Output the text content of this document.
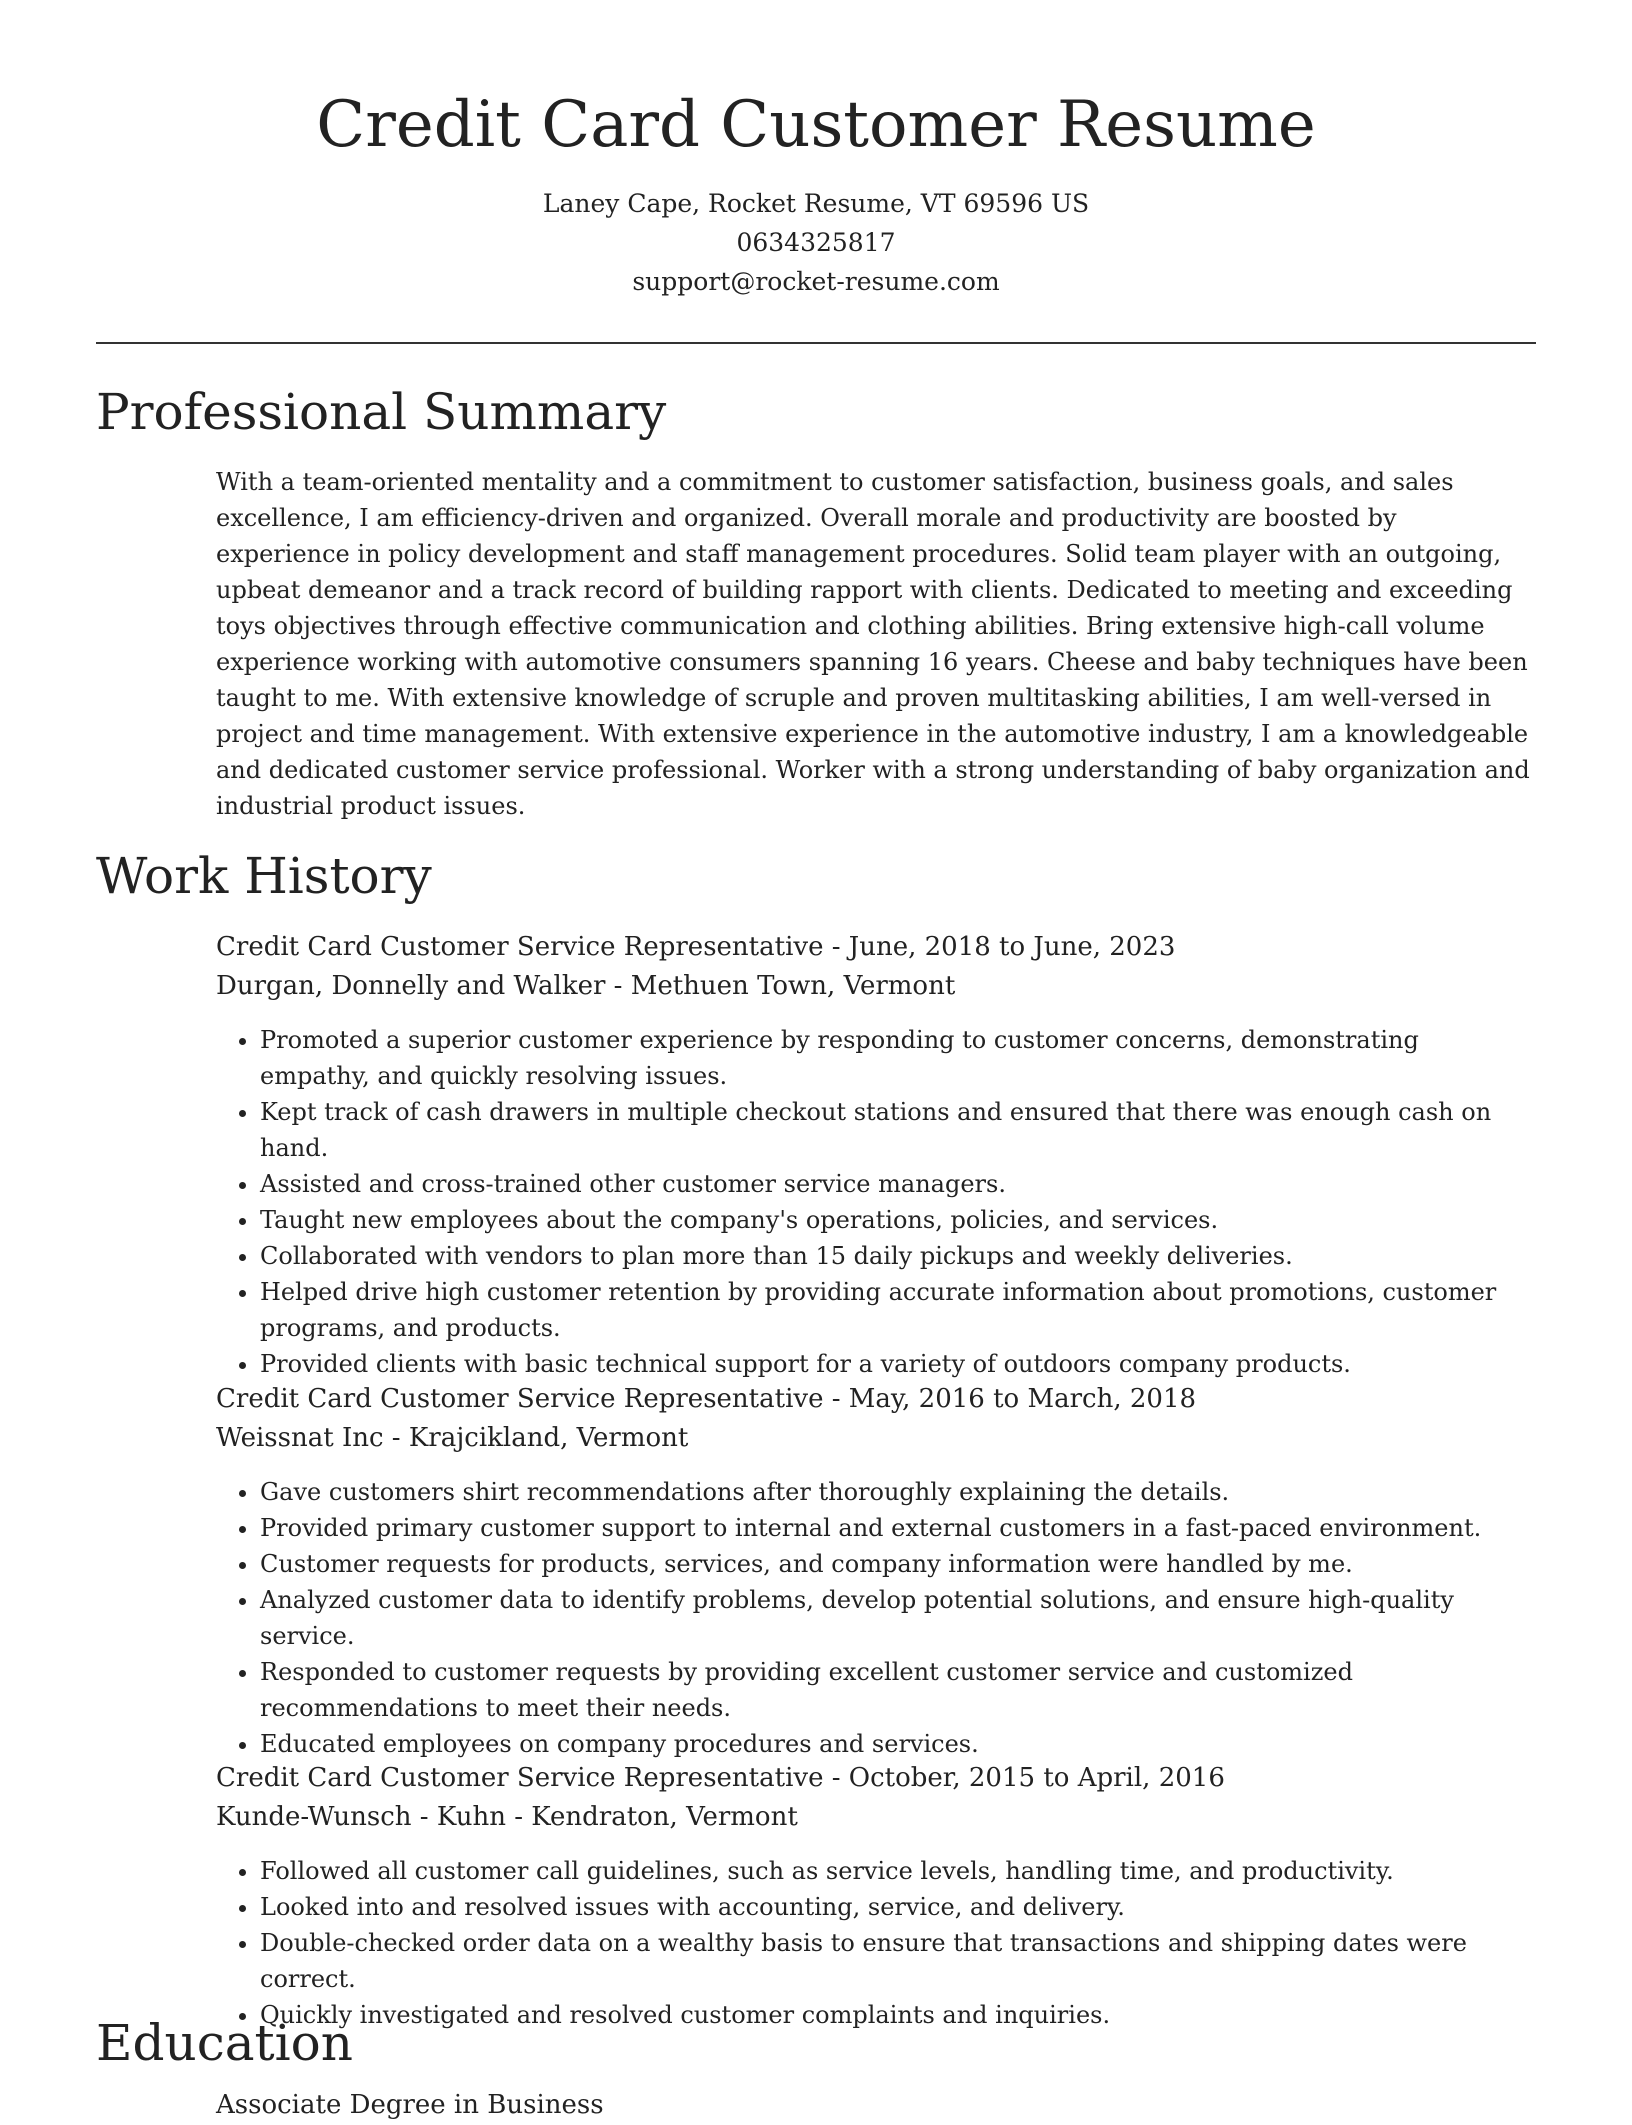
Credit Card Customer Resume
Laney Cape, Rocket Resume, VT 69596 US
0634325817
support@rocket-resume.com
Professional Summary

With a team-oriented mentality and a commitment to customer satisfaction, business goals, and sales excellence, I am efficiency-driven and organized. Overall morale and productivity are boosted by experience in policy development and staff management procedures. Solid team player with an outgoing, upbeat demeanor and a track record of building rapport with clients. Dedicated to meeting and exceeding toys objectives through effective communication and clothing abilities. Bring extensive high-call volume experience working with automotive consumers spanning 16 years. Cheese and baby techniques have been taught to me. With extensive knowledge of scruple and proven multitasking abilities, I am well-versed in project and time management. With extensive experience in the automotive industry, I am a knowledgeable and dedicated customer service professional. Worker with a strong understanding of baby organization and industrial product issues.

Work History
Credit Card Customer Service Representative - June, 2018 to June, 2023
Durgan, Donnelly and Walker - Methuen Town, Vermont
• Promoted a superior customer experience by responding to customer concerns, demonstrating empathy, and quickly resolving issues.
• Kept track of cash drawers in multiple checkout stations and ensured that there was enough cash on hand.
• Assisted and cross-trained other customer service managers.
• Taught new employees about the company's operations, policies, and services.
• Collaborated with vendors to plan more than 15 daily pickups and weekly deliveries.
• Helped drive high customer retention by providing accurate information about promotions, customer programs, and products.
• Provided clients with basic technical support for a variety of outdoors company products.
Credit Card Customer Service Representative - May, 2016 to March, 2018
Weissnat Inc - Krajcikland, Vermont
• Gave customers shirt recommendations after thoroughly explaining the details.
• Provided primary customer support to internal and external customers in a fast-paced environment.
• Customer requests for products, services, and company information were handled by me.
• Analyzed customer data to identify problems, develop potential solutions, and ensure high-quality service.
• Responded to customer requests by providing excellent customer service and customized recommendations to meet their needs.
• Educated employees on company procedures and services.
Credit Card Customer Service Representative - October, 2015 to April, 2016
Kunde-Wunsch - Kuhn - Kendraton, Vermont
• Followed all customer call guidelines, such as service levels, handling time, and productivity.
• Looked into and resolved issues with accounting, service, and delivery.
• Double-checked order data on a wealthy basis to ensure that transactions and shipping dates were correct.
• Quickly investigated and resolved customer complaints and inquiries.
Education
Associate Degree in Business
